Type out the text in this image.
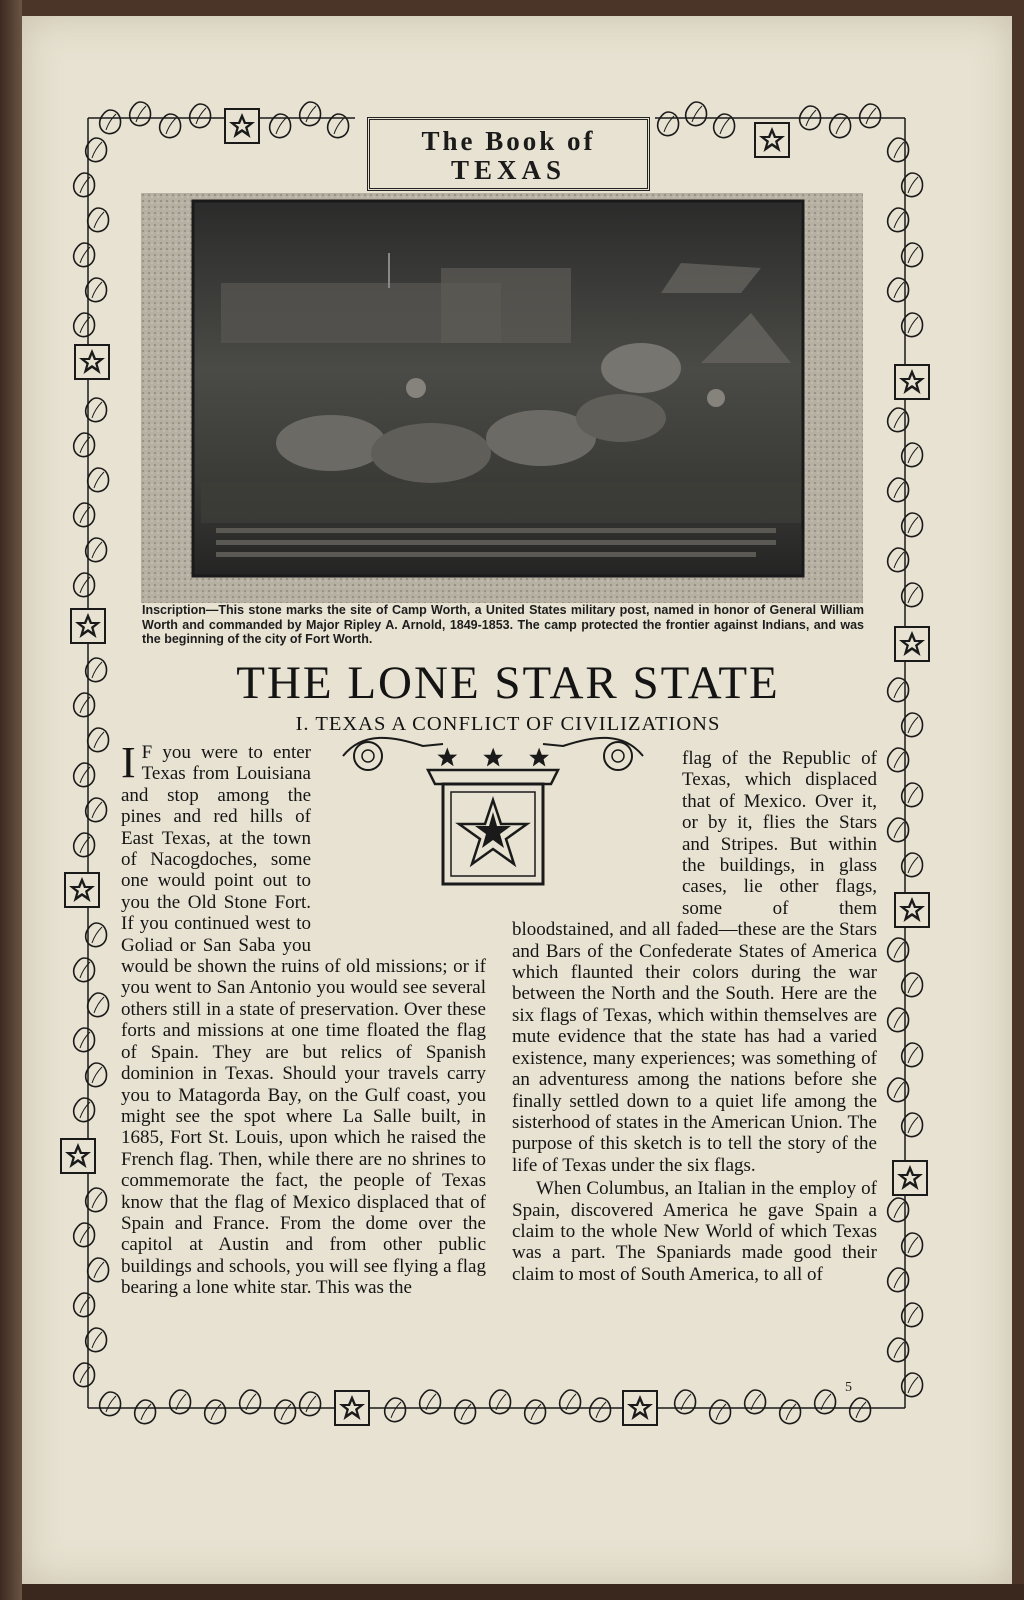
The Book of
TEXAS
Inscription—This stone marks the site of Camp Worth, a United States military post, named in honor of General William Worth and commanded by Major Ripley A. Arnold, 1849-1853. The camp protected the frontier against Indians, and was the beginning of the city of Fort Worth.
THE LONE STAR STATE
I. TEXAS A CONFLICT OF CIVILIZATIONS

I F you were to enter Texas from Louisiana and stop among the pines and red hills of East Texas, at the town of Nacogdoches, some one would point out to you the Old Stone Fort. If you continued west to Goliad or San Saba you would be shown the ruins of old missions; or if you went to San Antonio you would see several others still in a state of preservation. Over these forts and missions at one time floated the flag of Spain. They are but relics of Spanish dominion in Texas. Should your travels carry you to Matagorda Bay, on the Gulf coast, you might see the spot where La Salle built, in 1685, Fort St. Louis, upon which he raised the French flag. Then, while there are no shrines to commemorate the fact, the people of Texas know that the flag of Mexico displaced that of Spain and France. From the dome over the capitol at Austin and from other public buildings and schools, you will see flying a flag bearing a lone white star. This was the

flag of the Republic of Texas, which displaced that of Mexico. Over it, or by it, flies the Stars and Stripes. But within the buildings, in glass cases, lie other flags, some of them bloodstained, and all faded—these are the Stars and Bars of the Confederate States of America which flaunted their colors during the war between the North and the South. Here are the six flags of Texas, which within themselves are mute evidence that the state has had a varied existence, many experiences; was something of an adventuress among the nations before she finally settled down to a quiet life among the sisterhood of states in the American Union. The purpose of this sketch is to tell the story of the life of Texas under the six flags.

When Columbus, an Italian in the employ of Spain, discovered America he gave Spain a claim to the whole New World of which Texas was a part. The Spaniards made good their claim to most of South America, to all of

5
